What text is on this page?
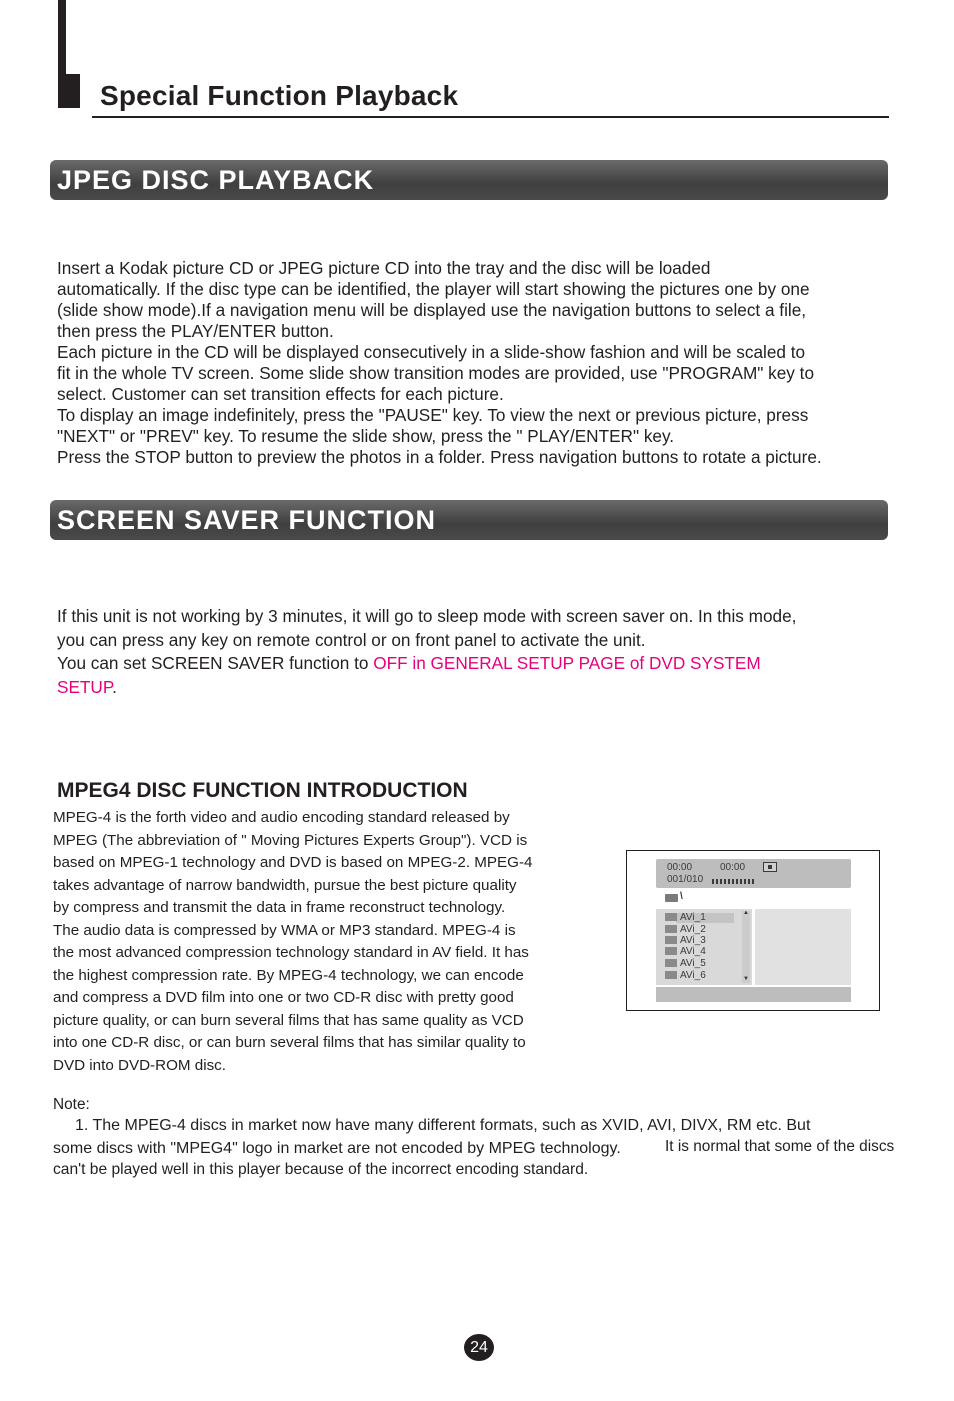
Special Function Playback
JPEG DISC PLAYBACK

Insert a Kodak picture CD or JPEG picture CD into the tray and the disc will be loaded

automatically. If the disc type can be identified, the player will start showing the pictures one by one

(slide show mode).If a navigation menu will be displayed use the navigation buttons to select a file,

then press the PLAY/ENTER button.

Each picture in the CD will be displayed consecutively in a slide-show fashion and will be scaled to

fit in the whole TV screen. Some slide show transition modes are provided, use "PROGRAM" key to

select. Customer can set transition effects for each picture.

To display an image indefinitely, press the "PAUSE" key. To view the next or previous picture, press

"NEXT" or "PREV" key. To resume the slide show, press the " PLAY/ENTER" key.

Press the STOP button to preview the photos in a folder. Press navigation buttons to rotate a picture.

SCREEN SAVER FUNCTION

If this unit is not working by 3 minutes, it will go to sleep mode with screen saver on. In this mode,

you can press any key on remote control or on front panel to activate the unit.

You can set SCREEN SAVER function to OFF in GENERAL SETUP PAGE of DVD SYSTEM

SETUP.

MPEG4 DISC FUNCTION INTRODUCTION
MPEG-4 is the forth video and audio encoding standard released by
MPEG (The abbreviation of " Moving Pictures Experts Group"). VCD is
based on MPEG-1 technology and DVD is based on MPEG-2. MPEG-4
takes advantage of narrow bandwidth, pursue the best picture quality
by compress and transmit the data in frame reconstruct technology.
The audio data is compressed by WMA or MP3 standard. MPEG-4 is
the most advanced compression technology standard in AV field. It has
the highest compression rate. By MPEG-4 technology, we can encode
and compress a DVD film into one or two CD-R disc with pretty good
picture quality, or can burn several films that has same quality as VCD
into one CD-R disc, or can burn several films that has similar quality to
DVD into DVD-ROM disc.
00:00	00:00
001/010
\
AVi_1
AVi_2
AVi_3
AVi_4
AVi_5
AVi_6
▲
▼
Note:
1. The MPEG-4 discs in market now have many different formats, such as XVID, AVI, DIVX, RM etc. But
some discs with "MPEG4" logo in market are not encoded by MPEG technology.	It is normal that some of the discs
can't be played well in this player because of the incorrect encoding standard.
24
